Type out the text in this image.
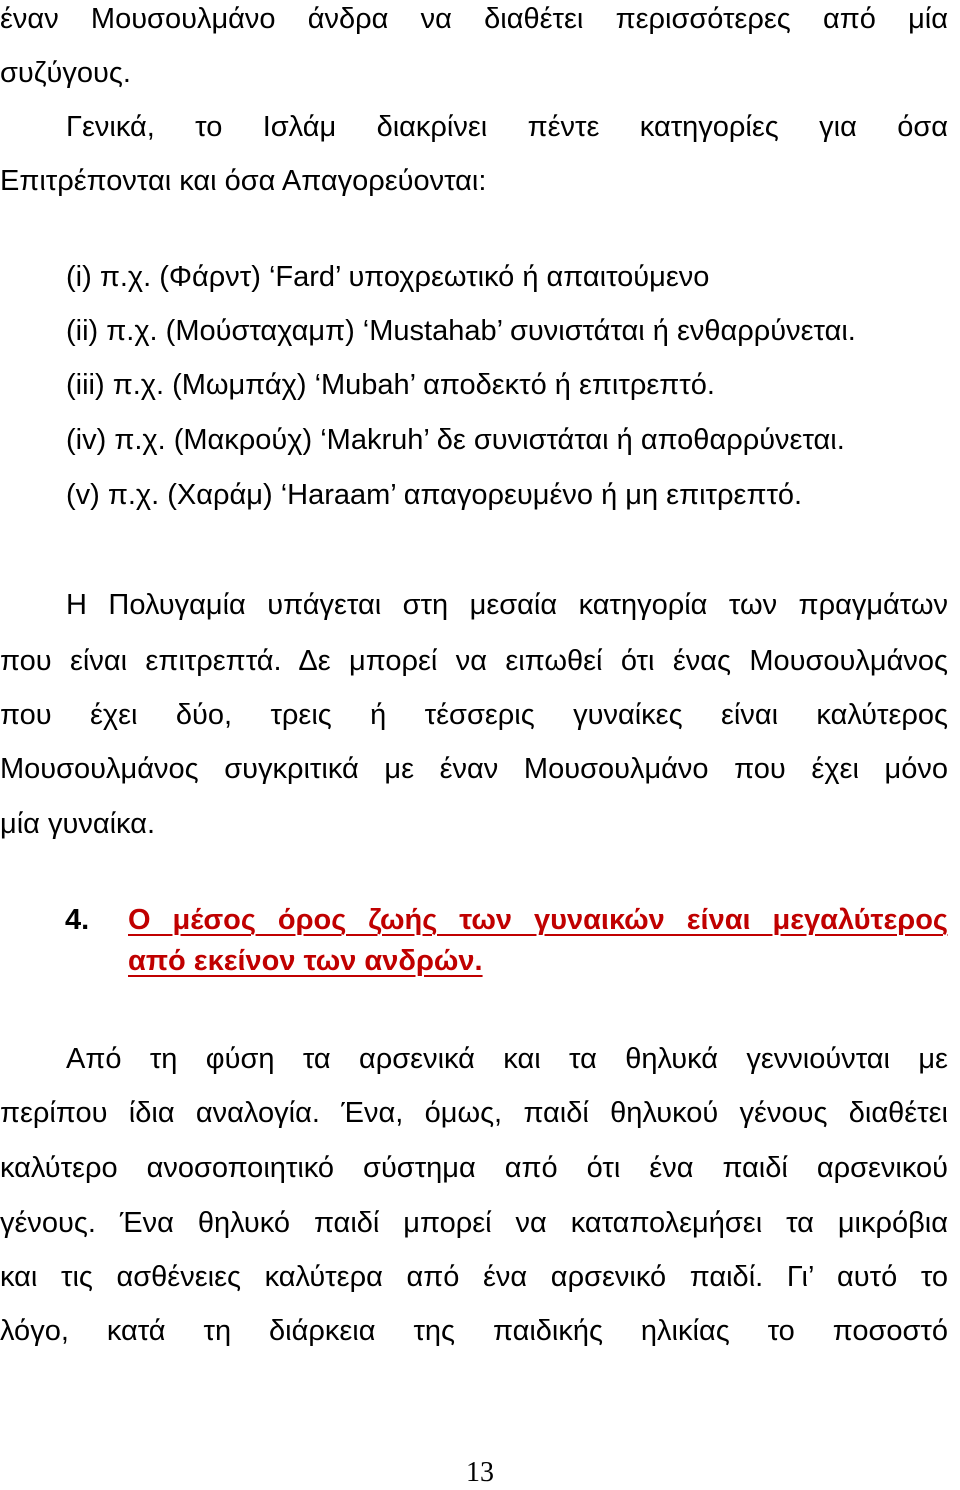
έναν Μουσουλμάνο άνδρα να διαθέτει περισσότερες από μία

συζύγους.

Γενικά, το Ισλάμ διακρίνει πέντε κατηγορίες για όσα

Επιτρέπονται και όσα Απαγορεύονται:

(i) π.χ. (Φάρντ) ‘Fard’ υποχρεωτικό ή απαιτούμενο

(ii) π.χ. (Μούσταχαμπ) ‘Mustahab’ συνιστάται ή ενθαρρύνεται.

(iii) π.χ. (Μωμπάχ) ‘Mubah’ αποδεκτό ή επιτρεπτό.

(iv) π.χ. (Μακρούχ) ‘Makruh’ δε συνιστάται ή αποθαρρύνεται.

(v) π.χ. (Χαράμ) ‘Haraam’ απαγορευμένο ή μη επιτρεπτό.

Η Πολυγαμία υπάγεται στη μεσαία κατηγορία των πραγμάτων

που είναι επιτρεπτά. Δε μπορεί να ειπωθεί ότι ένας Μουσουλμάνος

που έχει δύο, τρεις ή τέσσερις γυναίκες είναι καλύτερος

Μουσουλμάνος συγκριτικά με έναν Μουσουλμάνο που έχει μόνο

μία γυναίκα.

4. Ο μέσος όρος ζωής των γυναικών είναι μεγαλύτερος

από εκείνον των ανδρών.

Από τη φύση τα αρσενικά και τα θηλυκά γεννιούνται με

περίπου ίδια αναλογία. Ένα, όμως, παιδί θηλυκού γένους διαθέτει

καλύτερο ανοσοποιητικό σύστημα από ότι ένα παιδί αρσενικού

γένους. Ένα θηλυκό παιδί μπορεί να καταπολεμήσει τα μικρόβια

και τις ασθένειες καλύτερα από ένα αρσενικό παιδί. Γι’ αυτό το

λόγο, κατά τη διάρκεια της παιδικής ηλικίας το ποσοστό

13
